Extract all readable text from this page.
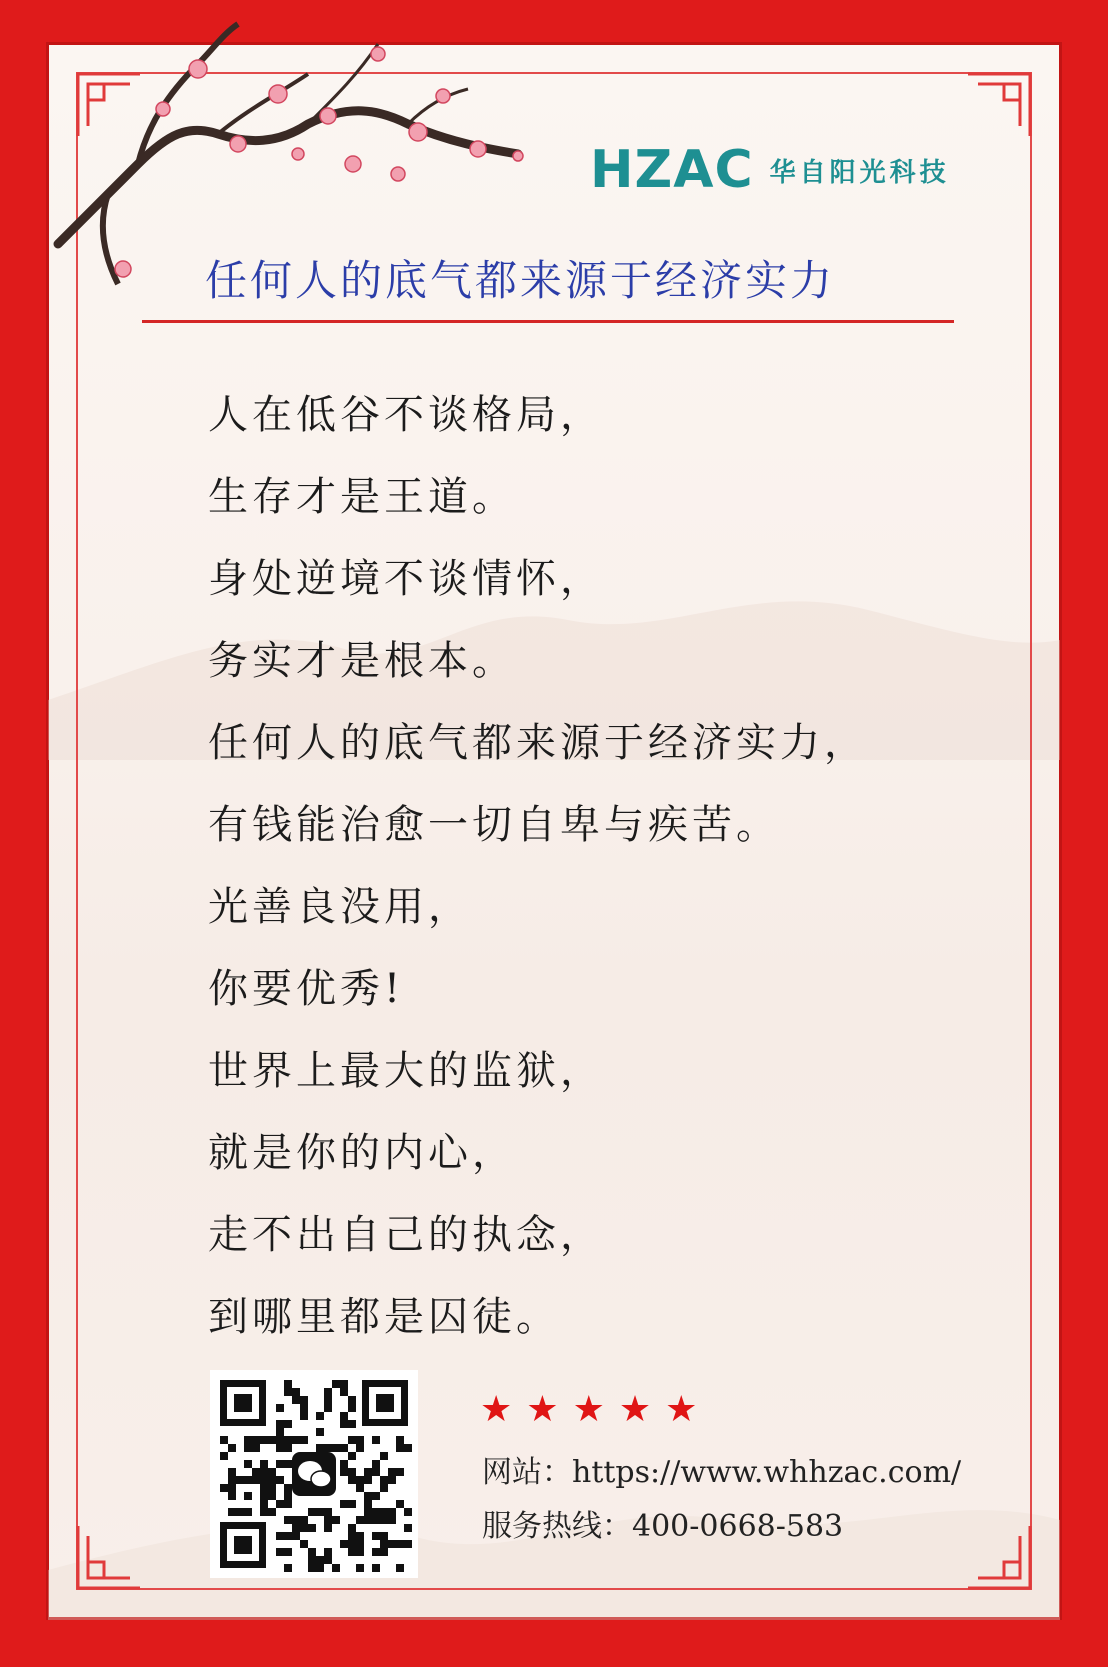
HZAC 华自阳光科技
任何人的底气都来源于经济实力
人在低谷不谈格局，
生存才是王道。
身处逆境不谈情怀，
务实才是根本。
任何人的底气都来源于经济实力，
有钱能治愈一切自卑与疾苦。
光善良没用，
你要优秀!
世界上最大的监狱，
就是你的内心，
走不出自己的执念，
到哪里都是囚徒。
★ ★ ★ ★ ★
网站：https://www.whhzac.com/
服务热线：400-0668-583
